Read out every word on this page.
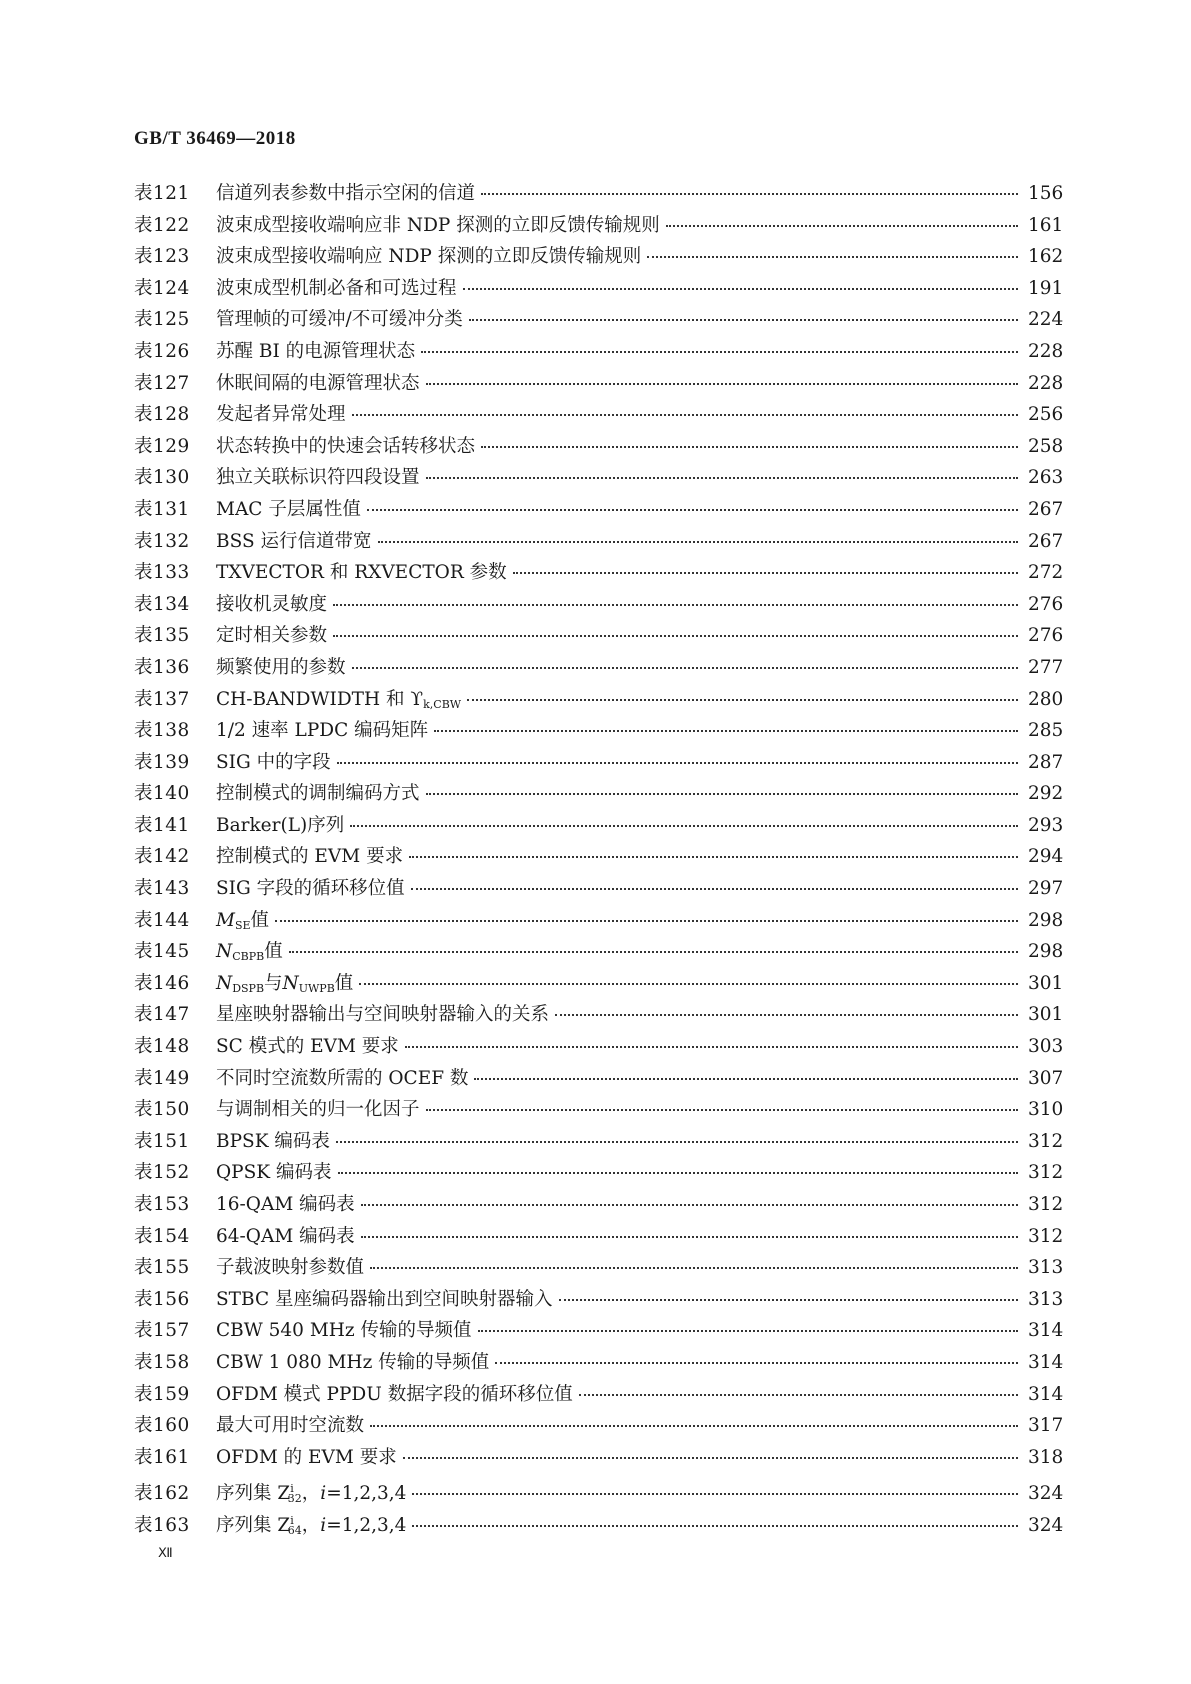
GB/T 36469—2018
表121	信道列表参数中指示空闲的信道	156
表122	波束成型接收端响应非 NDP 探测的立即反馈传输规则	161
表123	波束成型接收端响应 NDP 探测的立即反馈传输规则	162
表124	波束成型机制必备和可选过程	191
表125	管理帧的可缓冲/不可缓冲分类	224
表126	苏醒 BI 的电源管理状态	228
表127	休眠间隔的电源管理状态	228
表128	发起者异常处理	256
表129	状态转换中的快速会话转移状态	258
表130	独立关联标识符四段设置	263
表131	MAC 子层属性值	267
表132	BSS 运行信道带宽	267
表133	TXVECTOR 和 RXVECTOR 参数	272
表134	接收机灵敏度	276
表135	定时相关参数	276
表136	频繁使用的参数	277
表137	CH-BANDWIDTH 和 $ϒ_{k,CBW}$	280
表138	1/2 速率 LPDC 编码矩阵	285
表139	SIG 中的字段	287
表140	控制模式的调制编码方式	292
表141	Barker(L)序列	293
表142	控制模式的 EVM 要求	294
表143	SIG 字段的循环移位值	297
表144	$M_{SE}$值	298
表145	$N_{CBPB}$值	298
表146	$N_{DSPB}$与$N_{UWPB}$值	301
表147	星座映射器输出与空间映射器输入的关系	301
表148	SC 模式的 EVM 要求	303
表149	不同时空流数所需的 OCEF 数	307
表150	与调制相关的归一化因子	310
表151	BPSK 编码表	312
表152	QPSK 编码表	312
表153	16-QAM 编码表	312
表154	64-QAM 编码表	312
表155	子载波映射参数值	313
表156	STBC 星座编码器输出到空间映射器输入	313
表157	CBW 540 MHz 传输的导频值	314
表158	CBW 1 080 MHz 传输的导频值	314
表159	OFDM 模式 PPDU 数据字段的循环移位值	314
表160	最大可用时空流数	317
表161	OFDM 的 EVM 要求	318
表162	序列集 $Z^i_{32}$，i=1,2,3,4	324
表163	序列集 $Z^i_{64}$，i=1,2,3,4	324
Ⅻ
